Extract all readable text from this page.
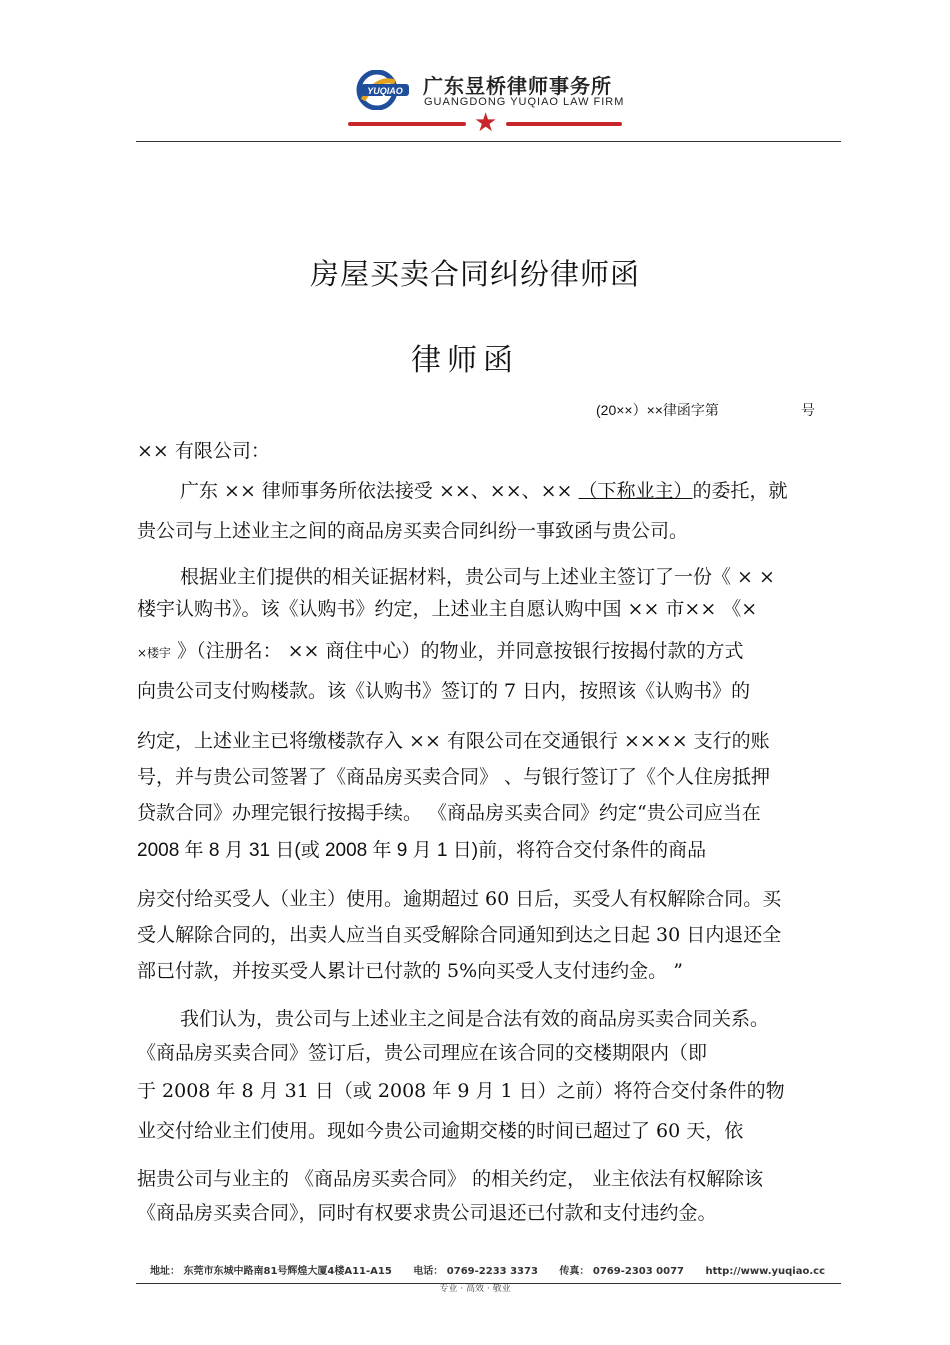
YUQIAO 广东昱桥律师事务所
GUANGDONG YUQIAO LAW FIRM
★
房屋买卖合同纠纷律师函
律师函
(20××）××律函字第	号
×× 有限公司：
广东 ×× 律师事务所依法接受 ××、××、×× （下称业主）的委托，就
贵公司与上述业主之间的商品房买卖合同纠纷一事致函与贵公司。
根据业主们提供的相关证据材料，贵公司与上述业主签订了一份《 × ×
楼宇认购书》。该《认购书》约定，上述业主自愿认购中国 ×× 市×× 《×
×楼宇 》（注册名： ×× 商住中心）的物业，并同意按银行按揭付款的方式
向贵公司支付购楼款。该《认购书》签订的 7 日内，按照该《认购书》的
约定，上述业主已将缴楼款存入 ×× 有限公司在交通银行 ×××× 支行的账
号，并与贵公司签署了《商品房买卖合同》 、与银行签订了《个人住房抵押
贷款合同》办理完银行按揭手续。 《商品房买卖合同》约定“贵公司应当在
2008 年 8 月 31 日(或 2008 年 9 月 1 日)前，将符合交付条件的商品
房交付给买受人（业主）使用。逾期超过 60 日后，买受人有权解除合同。买
受人解除合同的，出卖人应当自买受解除合同通知到达之日起 30 日内退还全
部已付款，并按买受人累计已付款的 5%向买受人支付违约金。 ”
我们认为，贵公司与上述业主之间是合法有效的商品房买卖合同关系。
《商品房买卖合同》签订后，贵公司理应在该合同的交楼期限内（即
于 2008 年 8 月 31 日（或 2008 年 9 月 1 日）之前）将符合交付条件的物
业交付给业主们使用。现如今贵公司逾期交楼的时间已超过了 60 天，依
据贵公司与业主的 《商品房买卖合同》 的相关约定， 业主依法有权解除该
《商品房买卖合同》，同时有权要求贵公司退还已付款和支付违约金。
地址： 东莞市东城中路南81号辉煌大厦4楼A11-A15 电话： 0769-2233 3373 传真： 0769-2303 0077 http://www.yuqiao.cc
专业 · 高效 · 敬业
